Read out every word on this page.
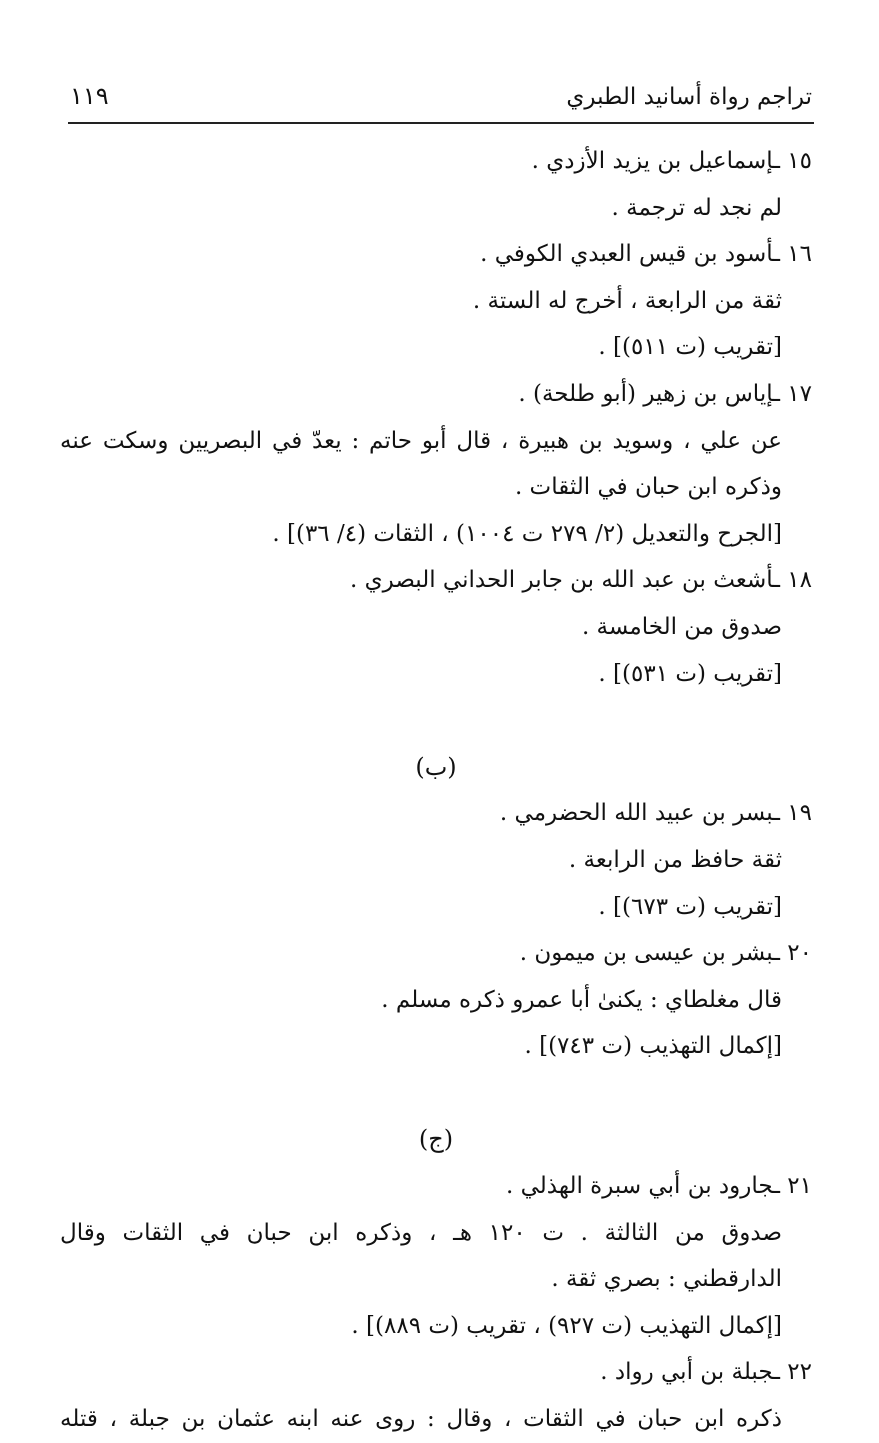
تراجم رواة أسانيد الطبري
١١٩
١٥ ـإسماعيل بن يزيد الأزدي .
لم نجد له ترجمة .
١٦ ـأسود بن قيس العبدي الكوفي .
ثقة من الرابعة ، أخرج له الستة .
[تقريب (ت ٥١١)] .
١٧ ـإياس بن زهير (أبو طلحة) .
عن علي ، وسويد بن هبيرة ، قال أبو حاتم : يعدّ في البصريين وسكت عنه
وذكره ابن حبان في الثقات .
[الجرح والتعديل (٢/ ٢٧٩ ت ١٠٠٤) ، الثقات (٤/ ٣٦)] .
١٨ ـأشعث بن عبد الله بن جابر الحداني البصري .
صدوق من الخامسة .
[تقريب (ت ٥٣١)] .
(ب)
١٩ ـبسر بن عبيد الله الحضرمي .
ثقة حافظ من الرابعة .
[تقريب (ت ٦٧٣)] .
٢٠ ـبشر بن عيسى بن ميمون .
قال مغلطاي : يكنىٰ أبا عمرو ذكره مسلم .
[إكمال التهذيب (ت ٧٤٣)] .
(ج)
٢١ ـجارود بن أبي سبرة الهذلي .
صدوق من الثالثة . ت ١٢٠ هـ ، وذكره ابن حبان في الثقات وقال
الدارقطني : بصري ثقة .
[إكمال التهذيب (ت ٩٢٧) ، تقريب (ت ٨٨٩)] .
٢٢ ـجبلة بن أبي رواد .
ذكره ابن حبان في الثقات ، وقال : روى عنه ابنه عثمان بن جبلة ، قتله
